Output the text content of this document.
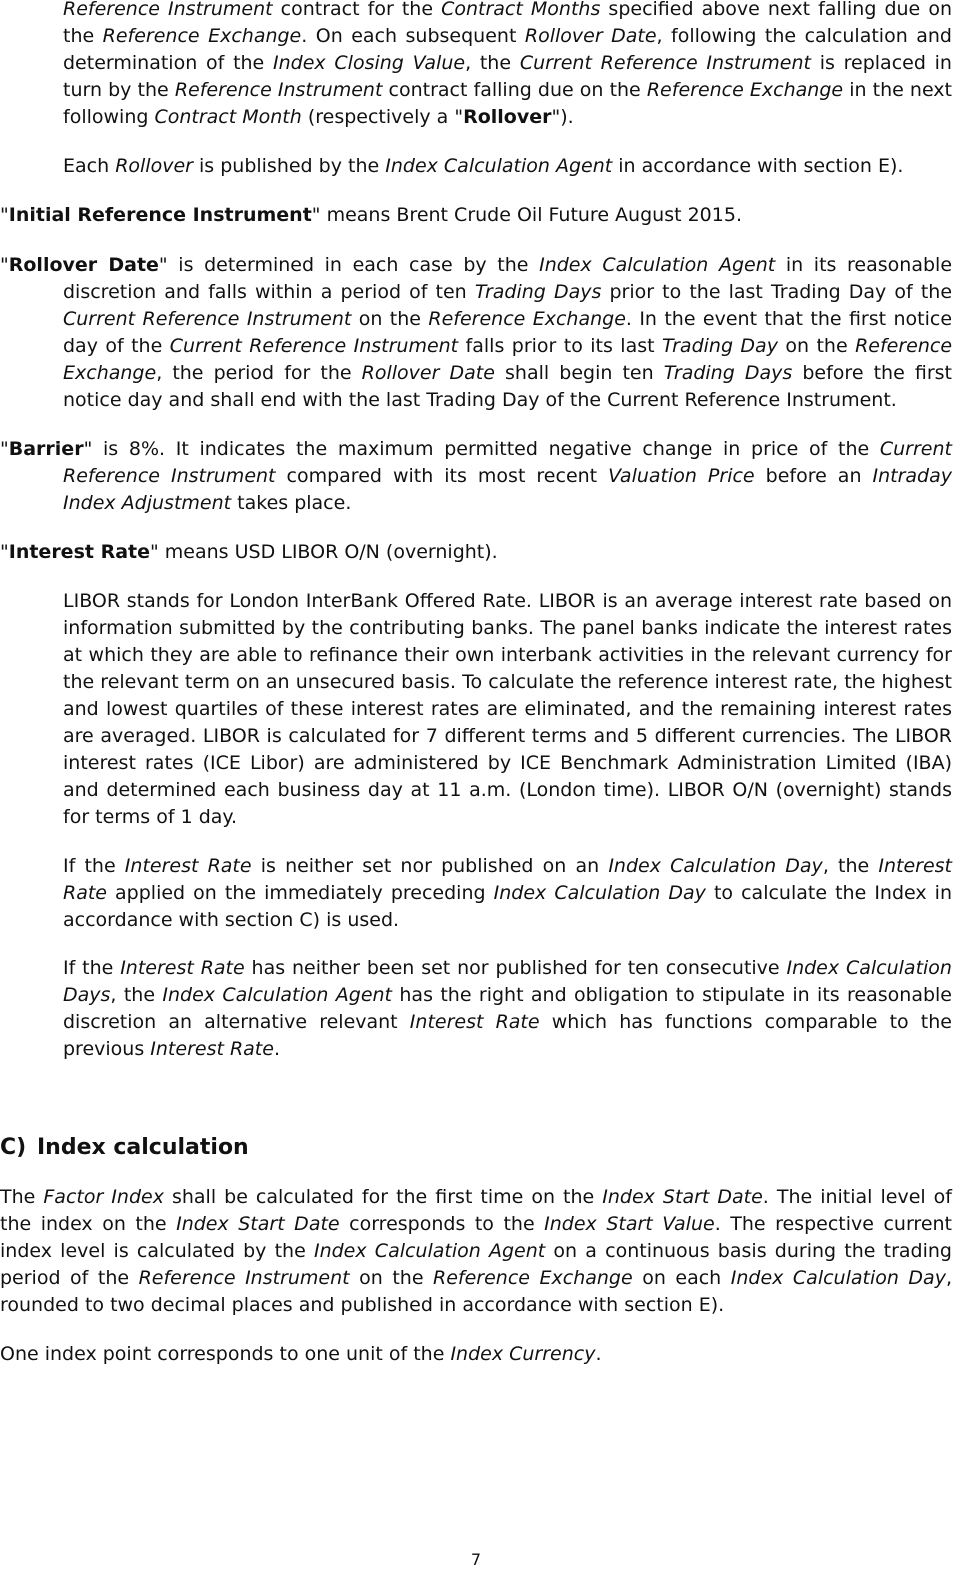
Reference Instrument contract for the Contract Months specified above next falling due on the Reference Exchange. On each subsequent Rollover Date, following the calculation and determination of the Index Closing Value, the Current Reference Instrument is replaced in turn by the Reference Instrument contract falling due on the Reference Exchange in the next following Contract Month (respectively a "Rollover").

Each Rollover is published by the Index Calculation Agent in accordance with section E).

"Initial Reference Instrument" means Brent Crude Oil Future August 2015.

"Rollover Date" is determined in each case by the Index Calculation Agent in its reasonable discretion and falls within a period of ten Trading Days prior to the last Trading Day of the Current Reference Instrument on the Reference Exchange. In the event that the first notice day of the Current Reference Instrument falls prior to its last Trading Day on the Reference Exchange, the period for the Rollover Date shall begin ten Trading Days before the first notice day and shall end with the last Trading Day of the Current Reference Instrument.

"Barrier" is 8%. It indicates the maximum permitted negative change in price of the Current Reference Instrument compared with its most recent Valuation Price before an Intraday Index Adjustment takes place.

"Interest Rate" means USD LIBOR O/N (overnight).

LIBOR stands for London InterBank Offered Rate. LIBOR is an average interest rate based on information submitted by the contributing banks. The panel banks indicate the interest rates at which they are able to refinance their own interbank activities in the relevant currency for the relevant term on an unsecured basis. To calculate the reference interest rate, the highest and lowest quartiles of these interest rates are eliminated, and the remaining interest rates are averaged. LIBOR is calculated for 7 different terms and 5 different currencies. The LIBOR interest rates (ICE Libor) are administered by ICE Benchmark Administration Limited (IBA) and determined each business day at 11 a.m. (London time). LIBOR O/N (overnight) stands for terms of 1 day.

If the Interest Rate is neither set nor published on an Index Calculation Day, the Interest Rate applied on the immediately preceding Index Calculation Day to calculate the Index in accordance with section C) is used.

If the Interest Rate has neither been set nor published for ten consecutive Index Calculation Days, the Index Calculation Agent has the right and obligation to stipulate in its reasonable discretion an alternative relevant Interest Rate which has functions comparable to the previous Interest Rate.

C) Index calculation

The Factor Index shall be calculated for the first time on the Index Start Date. The initial level of the index on the Index Start Date corresponds to the Index Start Value. The respective current index level is calculated by the Index Calculation Agent on a continuous basis during the trading period of the Reference Instrument on the Reference Exchange on each Index Calculation Day, rounded to two decimal places and published in accordance with section E).

One index point corresponds to one unit of the Index Currency.

7
